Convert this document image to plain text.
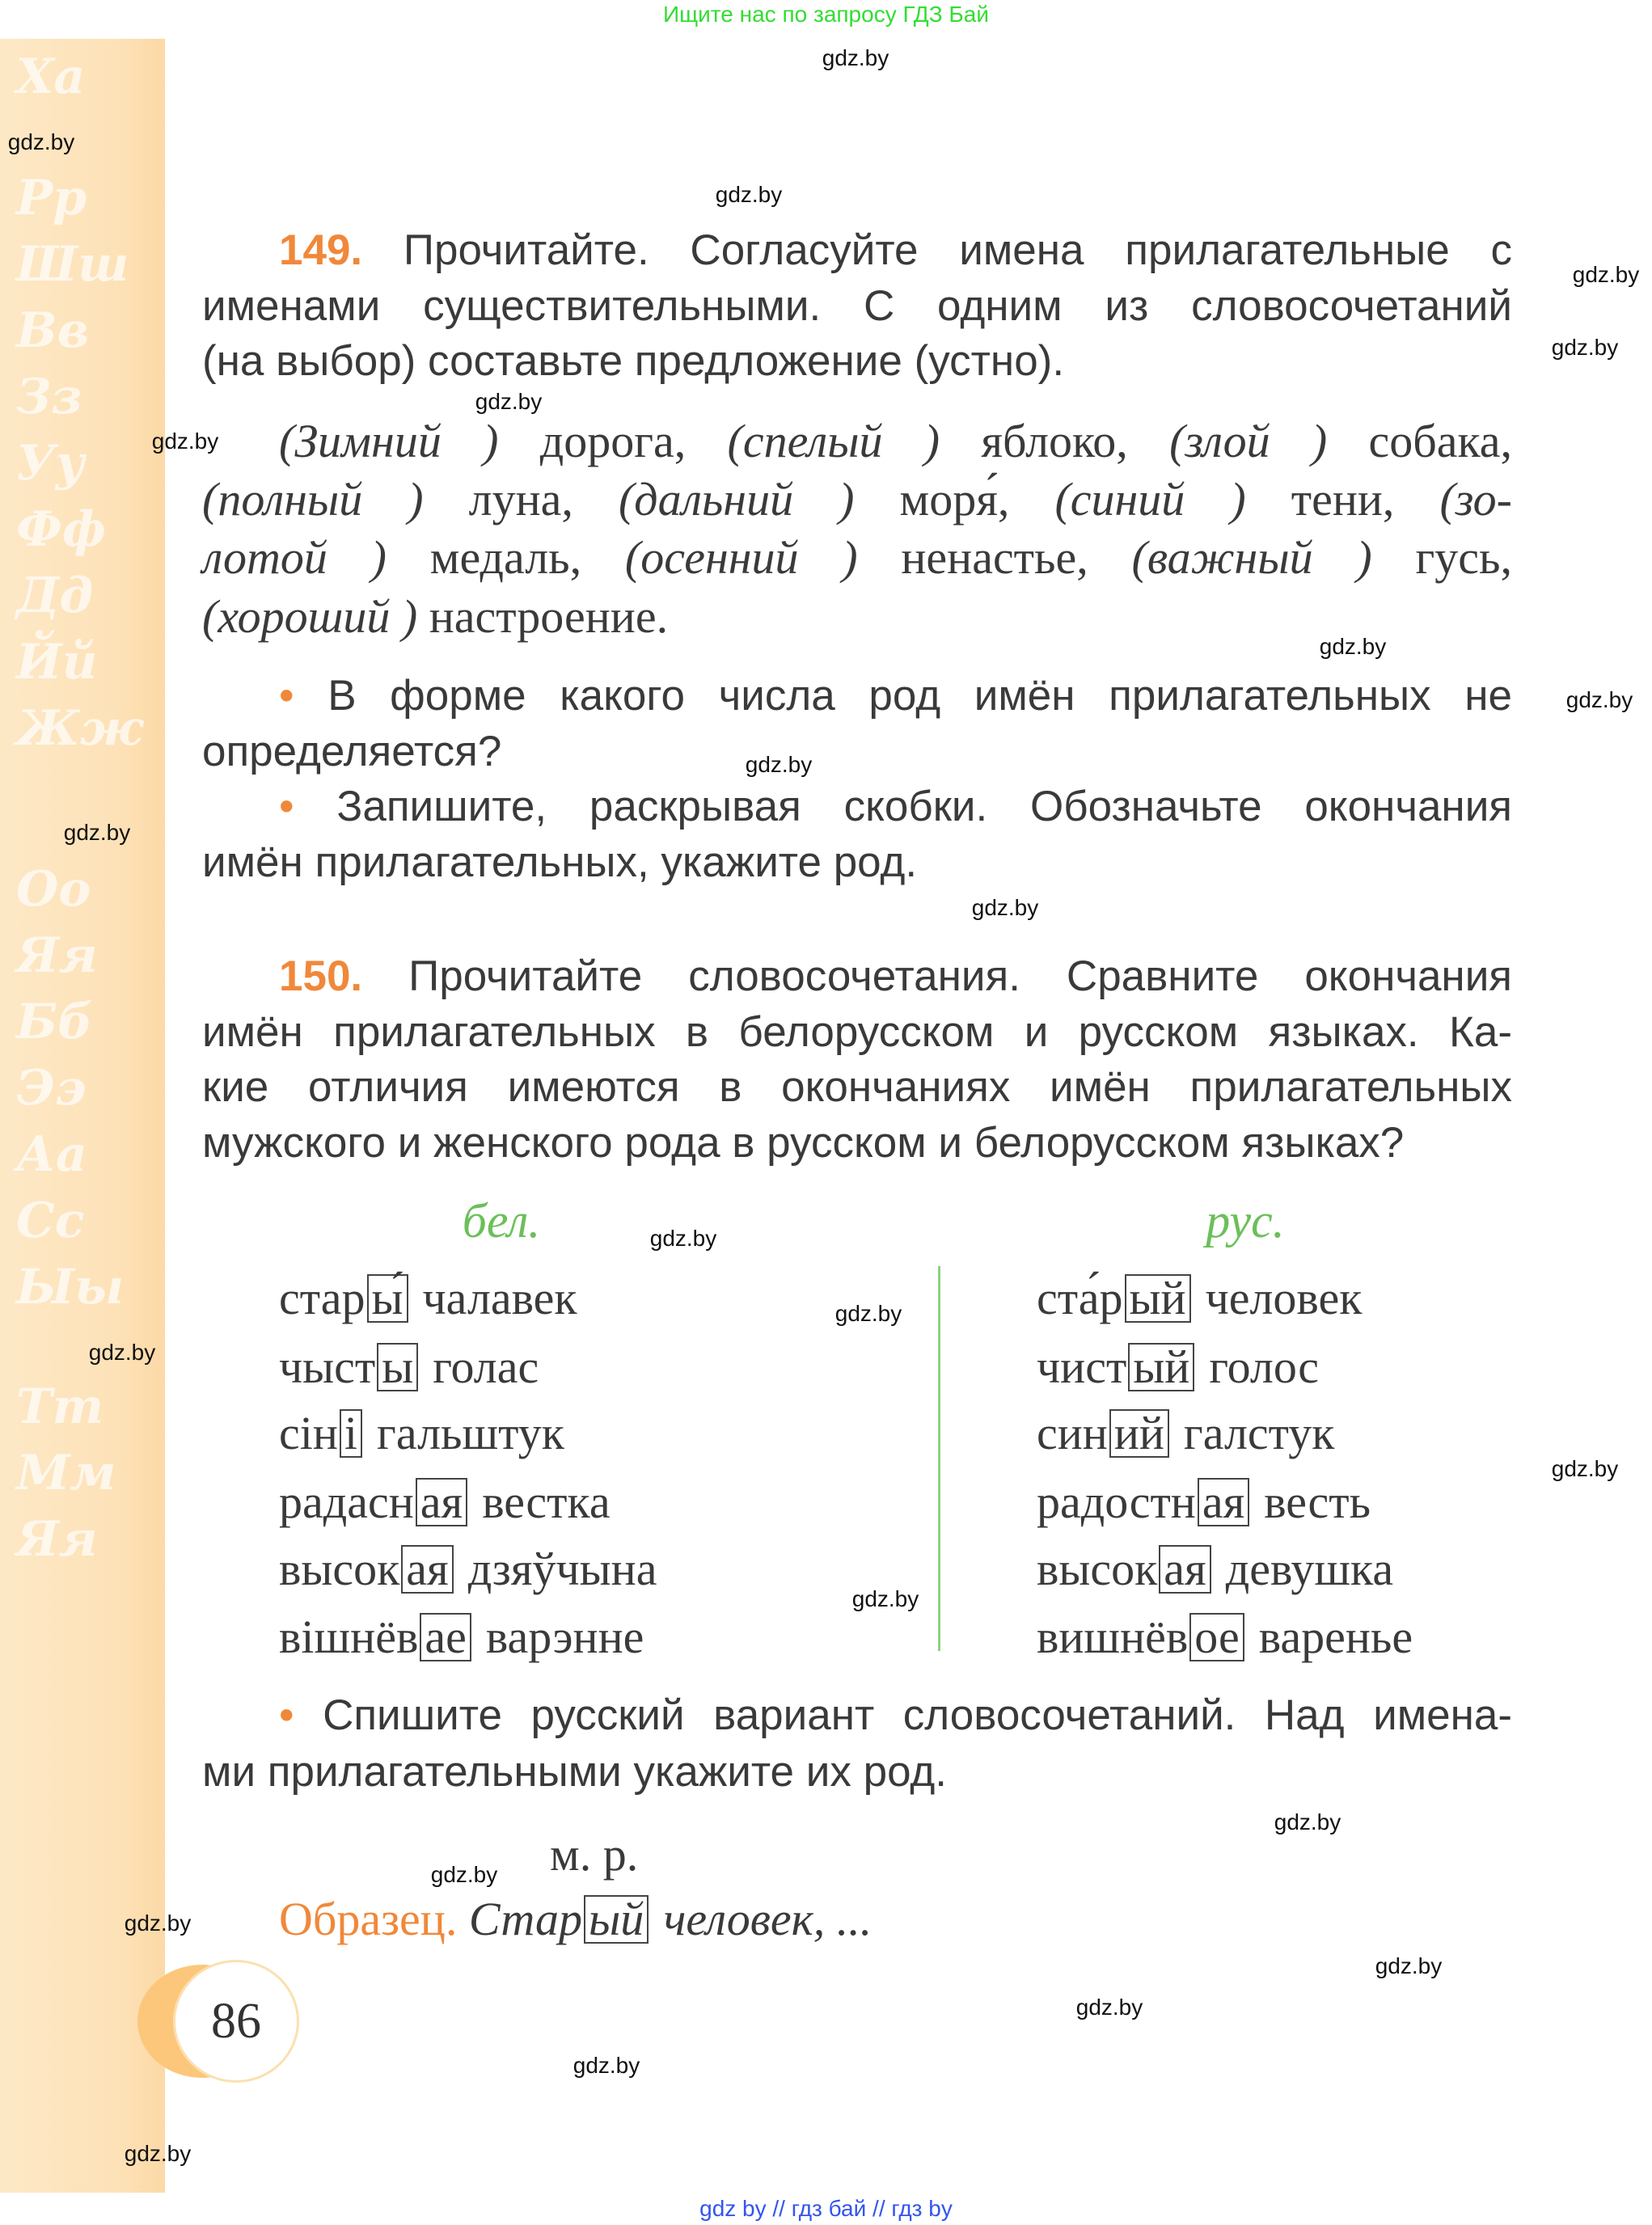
Ха
Рр
Шш
Вв
Зз
Уу
Фф
Дд
Йй
Жж
Оо
Яя
Бб
Ээ
Аа
Сс
Ыы
Тт
Мм
Яя
Ищите нас по запросу ГДЗ Бай
149. Прочитайте. Согласуйте имена прилагательные с
именами существительными. С одним из словосочетаний
(на выбор) составьте предложение (устно).
(Зимний ) дорога, (спелый ) яблоко, (злой ) собака,
(полный ) луна, (дальний ) моря́, (синий ) тени, (зо-
лотой ) медаль, (осенний ) ненастье, (важный ) гусь,
(хороший ) настроение.
• В форме какого числа род имён прилагательных не
определяется?
• Запишите, раскрывая скобки. Обозначьте окончания
имён прилагательных, укажите род.
150. Прочитайте словосочетания. Сравните окончания
имён прилагательных в белорусском и русском языках. Ка-
кие отличия имеются в окончаниях имён прилагательных
мужского и женского рода в русском и белорусском языках?
стар ы́ чалавек
чыст ы голас
сін і гальштук
радасн ая вестка
высок ая дзяўчына
вішнёв ае варэнне
ста́р ый человек
чист ый голос
син ий галстук
радостн ая весть
высок ая девушка
вишнёв ое варенье
• Спишите русский вариант словосочетаний. Над имена-
ми прилагательными укажите их род.
бел.	рус.
м. р.
Образец. Стар ый человек, ...
86
gdz by // гдз бай // гдз by
gdz.by
gdz.by
gdz.by
gdz.by
gdz.by
gdz.by
gdz.by
gdz.by
gdz.by
gdz.by
gdz.by
gdz.by
gdz.by
gdz.by
gdz.by
gdz.by
gdz.by
gdz.by
gdz.by
gdz.by
gdz.by
gdz.by
gdz.by
gdz.by
